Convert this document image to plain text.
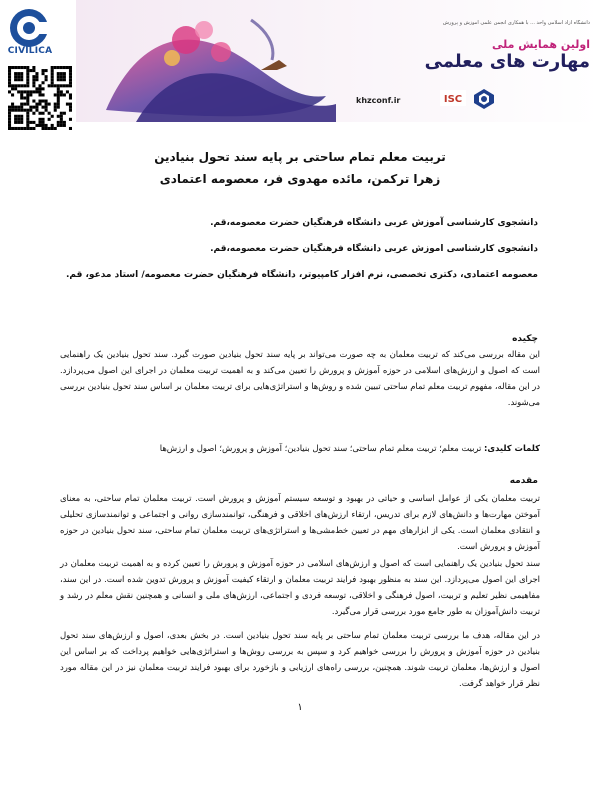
CIVILICA
دانشگاه آزاد اسلامی واحد ... با همکاری انجمن علمی آموزش و پرورش
اولین همایش ملی
مهارت های معلمی
khzconf.ir	ISC
تربیت معلم تمام ساحتی بر پایه سند تحول بنیادین
زهرا ترکمن، مائده مهدوی فر، معصومه اعتمادی
دانشجوی کارشناسی آموزش عربی دانشگاه فرهنگیان حضرت معصومه،قم.
دانشجوی کارشناسی اموزش عربی دانشگاه فرهنگیان حضرت معصومه،قم.
معصومه اعتمادی، دکتری تخصصی، نرم افزار کامپیوتر، دانشگاه فرهنگیان حضرت معصومه/ استاد مدعو، قم.
چکیده
این مقاله بررسی می‌کند که تربیت معلمان به چه صورت می‌تواند بر پایه سند تحول بنیادین صورت گیرد. سند تحول بنیادین یک راهنمایی است که اصول و ارزش‌های اسلامی در حوزه آموزش و پرورش را تعیین می‌کند و به اهمیت تربیت معلمان در اجرای این اصول می‌پردازد. در این مقاله، مفهوم تربیت معلم تمام ساحتی تبیین شده و روش‌ها و استراتژی‌هایی برای تربیت معلمان بر اساس سند تحول بنیادین بررسی می‌شوند.
کلمات کلیدی: تربیت معلم؛ تربیت معلم تمام ساحتی؛ سند تحول بنیادین؛ آموزش و پرورش؛ اصول و ارزش‌ها
مقدمه
تربیت معلمان یکی از عوامل اساسی و حیاتی در بهبود و توسعه سیستم آموزش و پرورش است. تربیت معلمان تمام ساحتی، به معنای آموختن مهارت‌ها و دانش‌های لازم برای تدریس، ارتقاء ارزش‌های اخلاقی و فرهنگی، توانمندسازی روانی و اجتماعی و توانمندسازی تحلیلی و انتقادی معلمان است. یکی از ابزارهای مهم در تعیین خط‌مشی‌ها و استراتژی‌های تربیت معلمان تمام ساحتی، سند تحول بنیادین در حوزه آموزش و پرورش است.
سند تحول بنیادین یک راهنمایی است که اصول و ارزش‌های اسلامی در حوزه آموزش و پرورش را تعیین کرده و به اهمیت تربیت معلمان در اجرای این اصول می‌پردازد. این سند به منظور بهبود فرایند تربیت معلمان و ارتقاء کیفیت آموزش و پرورش تدوین شده است. در این سند، مفاهیمی نظیر تعلیم و تربیت، اصول فرهنگی و اخلاقی، توسعه فردی و اجتماعی، ارزش‌های ملی و انسانی و همچنین نقش معلم در رشد و تربیت دانش‌آموزان به طور جامع مورد بررسی قرار می‌گیرد.
در این مقاله، هدف ما بررسی تربیت معلمان تمام ساحتی بر پایه سند تحول بنیادین است. در بخش بعدی، اصول و ارزش‌های سند تحول بنیادین در حوزه آموزش و پرورش را بررسی خواهیم کرد و سپس به بررسی روش‌ها و استراتژی‌هایی خواهیم پرداخت که بر اساس این اصول و ارزش‌ها، معلمان تربیت شوند. همچنین، بررسی راه‌های ارزیابی و بازخورد برای بهبود فرایند تربیت معلمان نیز در این مقاله مورد نظر قرار خواهد گرفت.
۱
